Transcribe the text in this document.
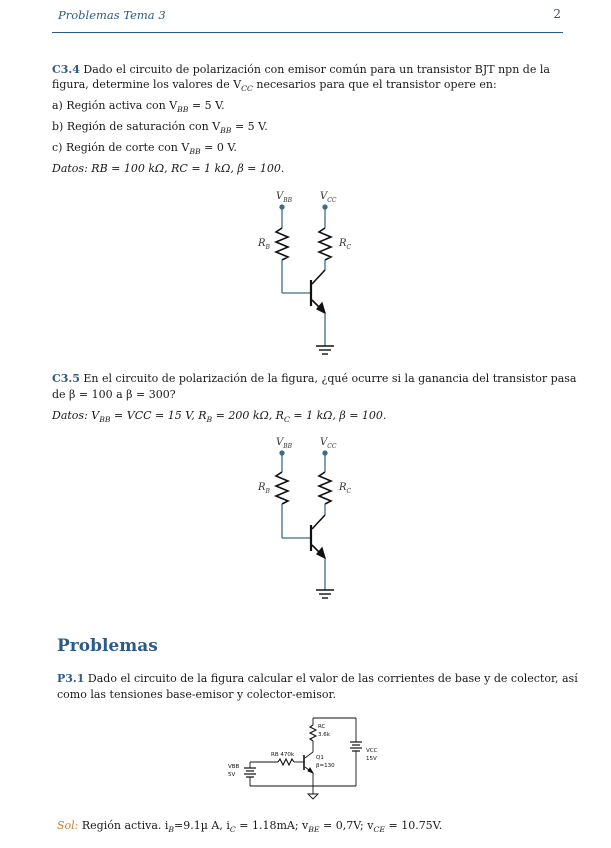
Problemas Tema 3	2
C3.4 Dado el circuito de polarización con emisor común para un transistor BJT npn de la
figura, determine los valores de $V_{CC}$ necesarios para que el transistor opere en:
a) Región activa con $V_{BB} = 5$ V.
b) Región de saturación con $V_{BB} = 5$ V.
c) Región de corte con $V_{BB} = 0$ V.
Datos: RB = 100 kΩ, RC = 1 kΩ, β = 100.
C3.5 En el circuito de polarización de la figura, ¿qué ocurre si la ganancia del transistor pasa
de β = 100 a β = 300?
Datos: $V_{BB}$ = VCC = 15 V, $R_B = 200$ kΩ, $R_C = 1$ kΩ, β = 100.
Problemas
P3.1 Dado el circuito de la figura calcular el valor de las corrientes de base y de colector, así
como las tensiones base-emisor y colector-emisor.
Sol: Región activa. $i_B=9.1\mu$ A, $i_C = 1.18mA$; $v_{BE} = 0,7V$; $v_{CE} = 10.75V$.
$V_{BB}$	$V_{CC}$
$R_B$	$R_C$
$V_{BB}$	$V_{CC}$
$R_B$	$R_C$
RC
3.6k
RB 470k	Q1
β=130
VCC
15V
VBB
5V
